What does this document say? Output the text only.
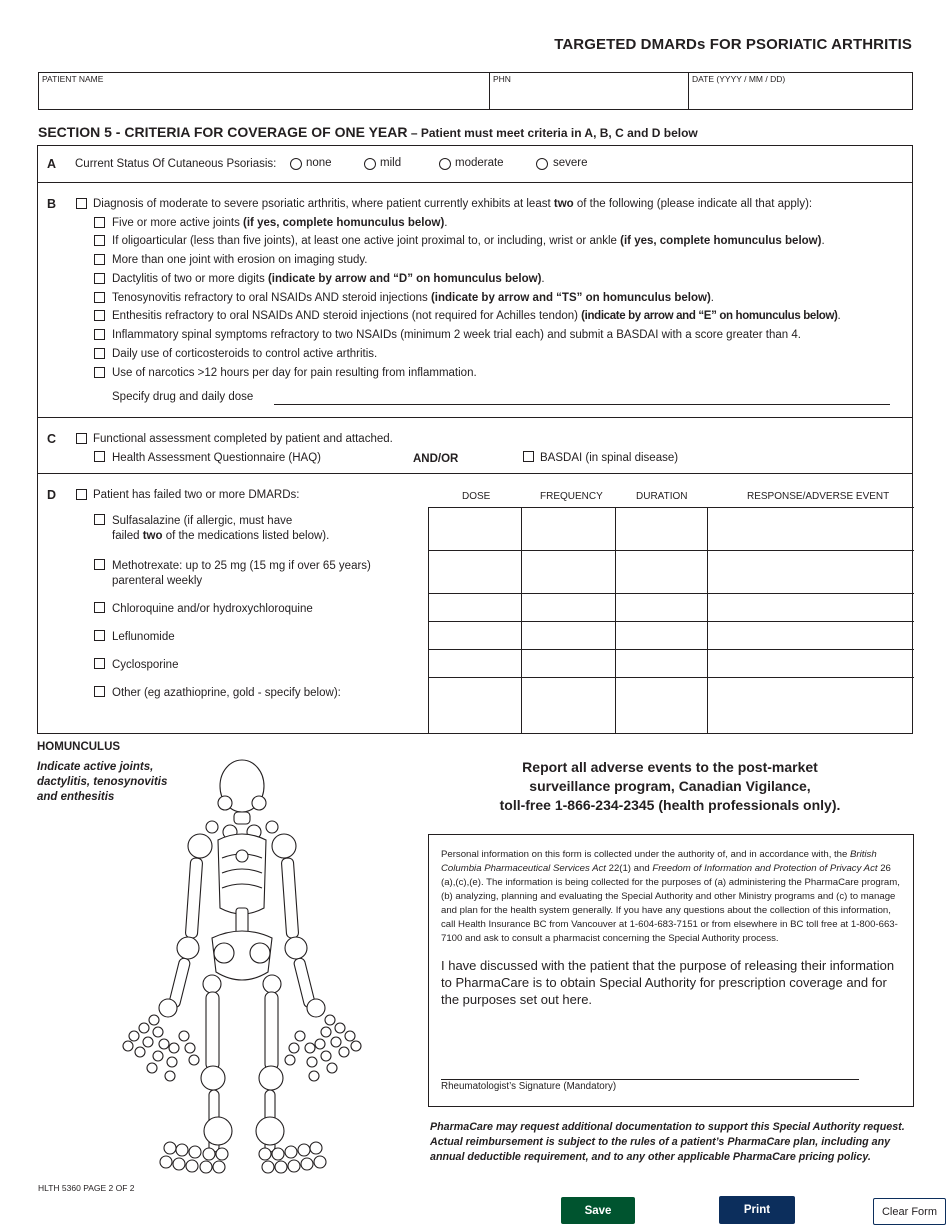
TARGETED DMARDs FOR PSORIATIC ARTHRITIS
PATIENT NAME	PHN	DATE (YYYY / MM / DD)
SECTION 5 - CRITERIA FOR COVERAGE OF ONE YEAR – Patient must meet criteria in A, B, C and D below
A Current Status Of Cutaneous Psoriasis:	none	mild	moderate	severe
B	Diagnosis of moderate to severe psoriatic arthritis, where patient currently exhibits at least two of the following (please indicate all that apply):
Five or more active joints (if yes, complete homunculus below).
If oligoarticular (less than five joints), at least one active joint proximal to, or including, wrist or ankle (if yes, complete homunculus below).
More than one joint with erosion on imaging study.
Dactylitis of two or more digits (indicate by arrow and “D” on homunculus below).
Tenosynovitis refractory to oral NSAIDs AND steroid injections (indicate by arrow and “TS” on homunculus below).
Enthesitis refractory to oral NSAIDs AND steroid injections (not required for Achilles tendon) (indicate by arrow and “E” on homunculus below).
Inflammatory spinal symptoms refractory to two NSAIDs (minimum 2 week trial each) and submit a BASDAI with a score greater than 4.
Daily use of corticosteroids to control active arthritis.
Use of narcotics >12 hours per day for pain resulting from inflammation.
Specify drug and daily dose
C	Functional assessment completed by patient and attached.
Health Assessment Questionnaire (HAQ)	AND/OR	BASDAI (in spinal disease)
D	Patient has failed two or more DMARDs:	DOSE	FREQUENCY	DURATION	RESPONSE/ADVERSE EVENT
Sulfasalazine (if allergic, must have
failed two of the medications listed below).
Methotrexate: up to 25 mg (15 mg if over 65 years)
parenteral weekly
Chloroquine and/or hydroxychloroquine
Leflunomide
Cyclosporine
Other (eg azathioprine, gold - specify below):
HOMUNCULUS
Indicate active joints, dactylitis, tenosynovitis and enthesitis
Report all adverse events to the post-market
surveillance program, Canadian Vigilance,
toll-free 1-866-234-2345 (health professionals only).
Personal information on this form is collected under the authority of, and in accordance with, the British Columbia Pharmaceutical Services Act 22(1) and Freedom of Information and Protection of Privacy Act 26 (a),(c),(e). The information is being collected for the purposes of (a) administering the PharmaCare program, (b) analyzing, planning and evaluating the Special Authority and other Ministry programs and (c) to manage and plan for the health system generally. If you have any questions about the collection of this information, call Health Insurance BC from Vancouver at 1-604-683-7151 or from elsewhere in BC toll free at 1-800-663-7100 and ask to consult a pharmacist concerning the Special Authority process.
I have discussed with the patient that the purpose of releasing their information to PharmaCare is to obtain Special Authority for prescription coverage and for the purposes set out here.
Rheumatologist’s Signature (Mandatory)
PharmaCare may request additional documentation to support this Special Authority request. Actual reimbursement is subject to the rules of a patient’s PharmaCare plan, including any annual deductible requirement, and to any other applicable PharmaCare pricing policy.
HLTH 5360 PAGE 2 OF 2
Save	Print	Clear Form
